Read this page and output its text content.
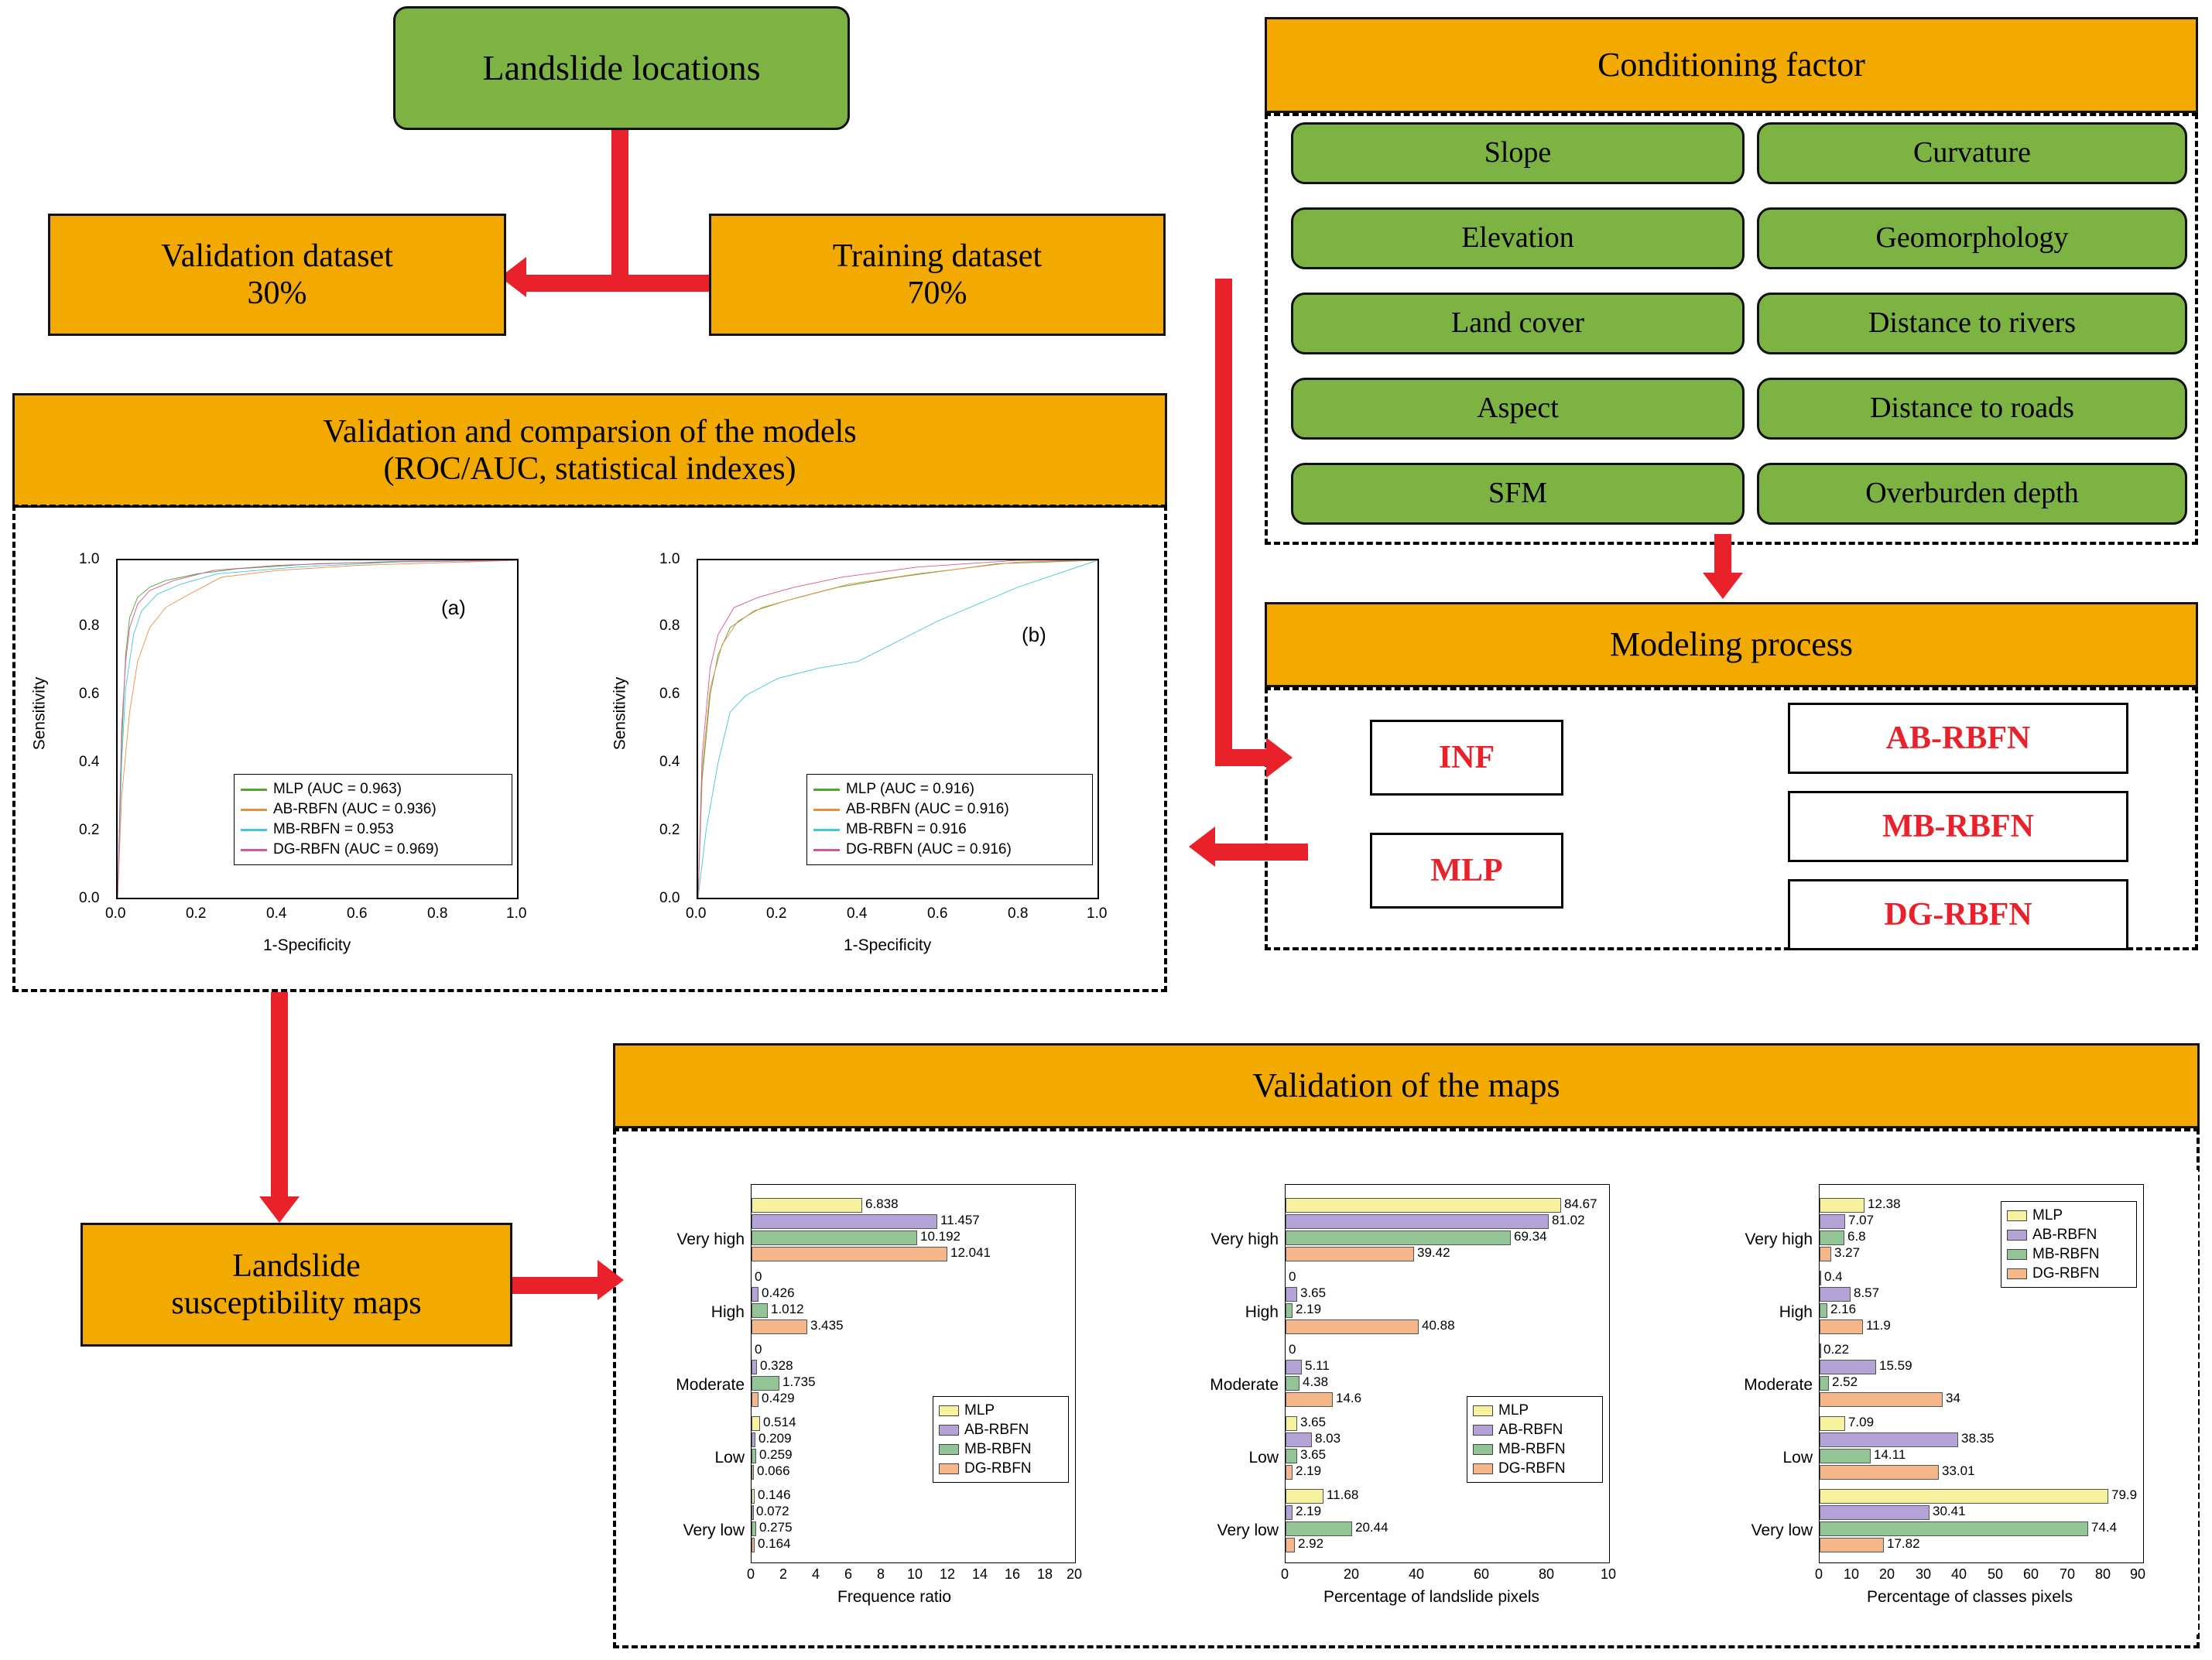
Landslide locations
Validation dataset
30%
Training dataset
70%
Validation and comparsion of the models
(ROC/AUC, statistical indexes)
(a)
Sensitivity
1-Specificity
0.0
0.2
0.4
0.6
0.8
1.0
0.0	0.2	0.4	0.6	0.8	1.0
MLP (AUC = 0.963)
AB-RBFN (AUC = 0.936)
MB-RBFN = 0.953
DG-RBFN (AUC = 0.969)
(b)
Sensitivity
1-Specificity
0.0
0.2
0.4
0.6
0.8
1.0
0.0	0.2	0.4	0.6	0.8	1.0
MLP (AUC = 0.916)
AB-RBFN (AUC = 0.916)
MB-RBFN = 0.916
DG-RBFN (AUC = 0.916)
Conditioning factor
Slope	Curvature
Elevation	Geomorphology
Land cover	Distance to rivers
Aspect	Distance to roads
SFM	Overburden depth
Modeling process
INF
MLP
AB-RBFN
MB-RBFN
DG-RBFN
Validation of the maps
Landslide
susceptibility maps
Very high
6.838
11.457
10.192
12.041
High
0
0.426
1.012
3.435
Moderate
0
0.328
1.735
0.429
Low
0.514
0.209
0.259
0.066
Very low
0.146
0.072
0.275
0.164
MLP
AB-RBFN
MB-RBFN
DG-RBFN
0 2 4 6 8 10 12 14 16 18 20
Frequence ratio
Very high
84.67
81.02
69.34
39.42
High
0
3.65
2.19
40.88
Moderate
0
5.11
4.38
14.6
Low
3.65
8.03
3.65
2.19
Very low
11.68
2.19
20.44
2.92
MLP
AB-RBFN
MB-RBFN
DG-RBFN
0	20	40	60	80	10
Percentage of landslide pixels
Very high
12.38
7.07
6.8
3.27
High
0.4
8.57
2.16
11.9
Moderate
0.22
15.59
2.52
34
Low
7.09
38.35
14.11
33.01
Very low
79.9
30.41
74.4
17.82
MLP
AB-RBFN
MB-RBFN
DG-RBFN
0 10 20 30 40 50 60 70 80 90
Percentage of classes pixels
